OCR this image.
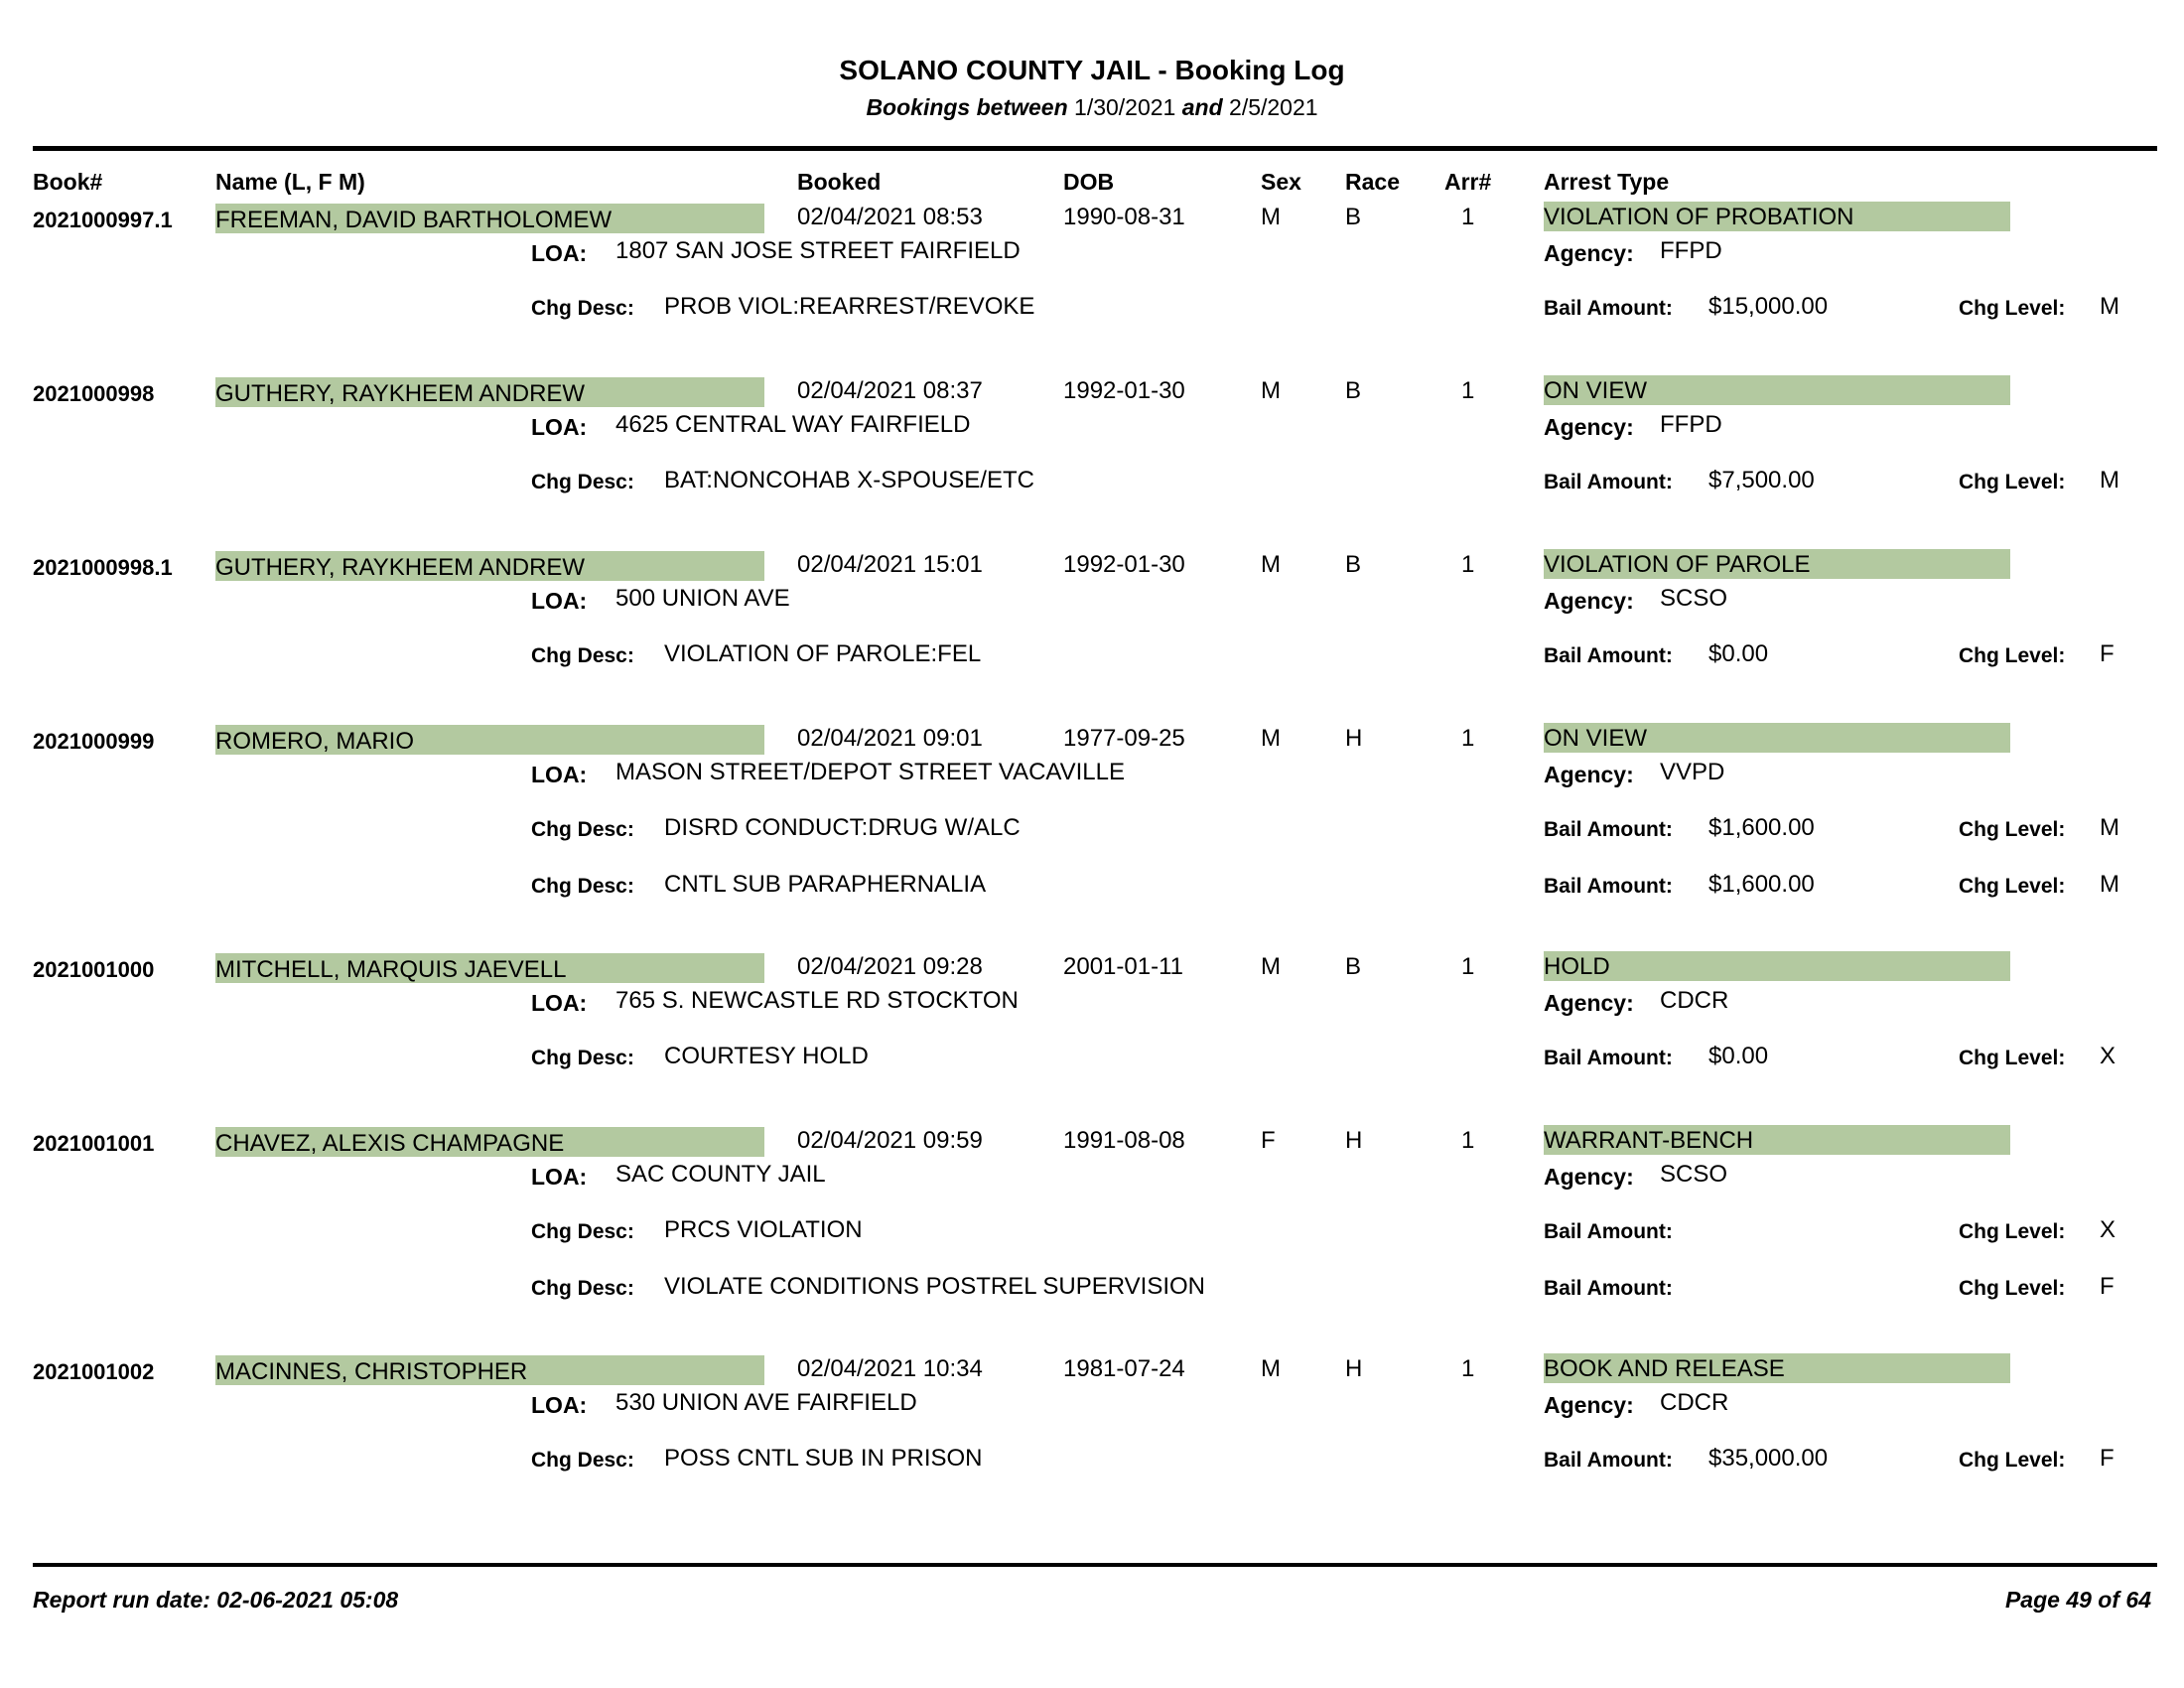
SOLANO COUNTY JAIL - Booking Log
Bookings between 1/30/2021 and 2/5/2021
Book#	Name (L, F M)	Booked	DOB	Sex Race Arr# Arrest Type
2021000997.1 FREEMAN, DAVID BARTHOLOMEW	02/04/2021 08:53	1990-08-31	M	B	1	VIOLATION OF PROBATION
LOA: 1807 SAN JOSE STREET FAIRFIELD	Agency: FFPD
Chg Desc: PROB VIOL:REARREST/REVOKE	Bail Amount: $15,000.00	Chg Level: M
2021000998	GUTHERY, RAYKHEEM ANDREW	02/04/2021 08:37	1992-01-30	M	B	1	ON VIEW
LOA: 4625 CENTRAL WAY FAIRFIELD	Agency: FFPD
Chg Desc: BAT:NONCOHAB X-SPOUSE/ETC	Bail Amount: $7,500.00	Chg Level: M
2021000998.1 GUTHERY, RAYKHEEM ANDREW	02/04/2021 15:01	1992-01-30	M	B	1	VIOLATION OF PAROLE
LOA: 500 UNION AVE	Agency: SCSO
Chg Desc: VIOLATION OF PAROLE:FEL	Bail Amount: $0.00	Chg Level: F
2021000999	ROMERO, MARIO	02/04/2021 09:01	1977-09-25	M	H	1	ON VIEW
LOA: MASON STREET/DEPOT STREET VACAVILLE	Agency: VVPD
Chg Desc: DISRD CONDUCT:DRUG W/ALC	Bail Amount: $1,600.00	Chg Level: M
Chg Desc: CNTL SUB PARAPHERNALIA	Bail Amount: $1,600.00	Chg Level: M
2021001000	MITCHELL, MARQUIS JAEVELL	02/04/2021 09:28	2001-01-11	M	B	1	HOLD
LOA: 765 S. NEWCASTLE RD STOCKTON	Agency: CDCR
Chg Desc: COURTESY HOLD	Bail Amount: $0.00	Chg Level: X
2021001001	CHAVEZ, ALEXIS CHAMPAGNE	02/04/2021 09:59	1991-08-08	F	H	1	WARRANT-BENCH
LOA: SAC COUNTY JAIL	Agency: SCSO
Chg Desc: PRCS VIOLATION	Bail Amount:	Chg Level: X
Chg Desc: VIOLATE CONDITIONS POSTREL SUPERVISION	Bail Amount:	Chg Level: F
2021001002	MACINNES, CHRISTOPHER	02/04/2021 10:34	1981-07-24	M	H	1	BOOK AND RELEASE
LOA: 530 UNION AVE FAIRFIELD	Agency: CDCR
Chg Desc: POSS CNTL SUB IN PRISON	Bail Amount: $35,000.00	Chg Level: F
Report run date: 02-06-2021 05:08	Page 49 of 64
